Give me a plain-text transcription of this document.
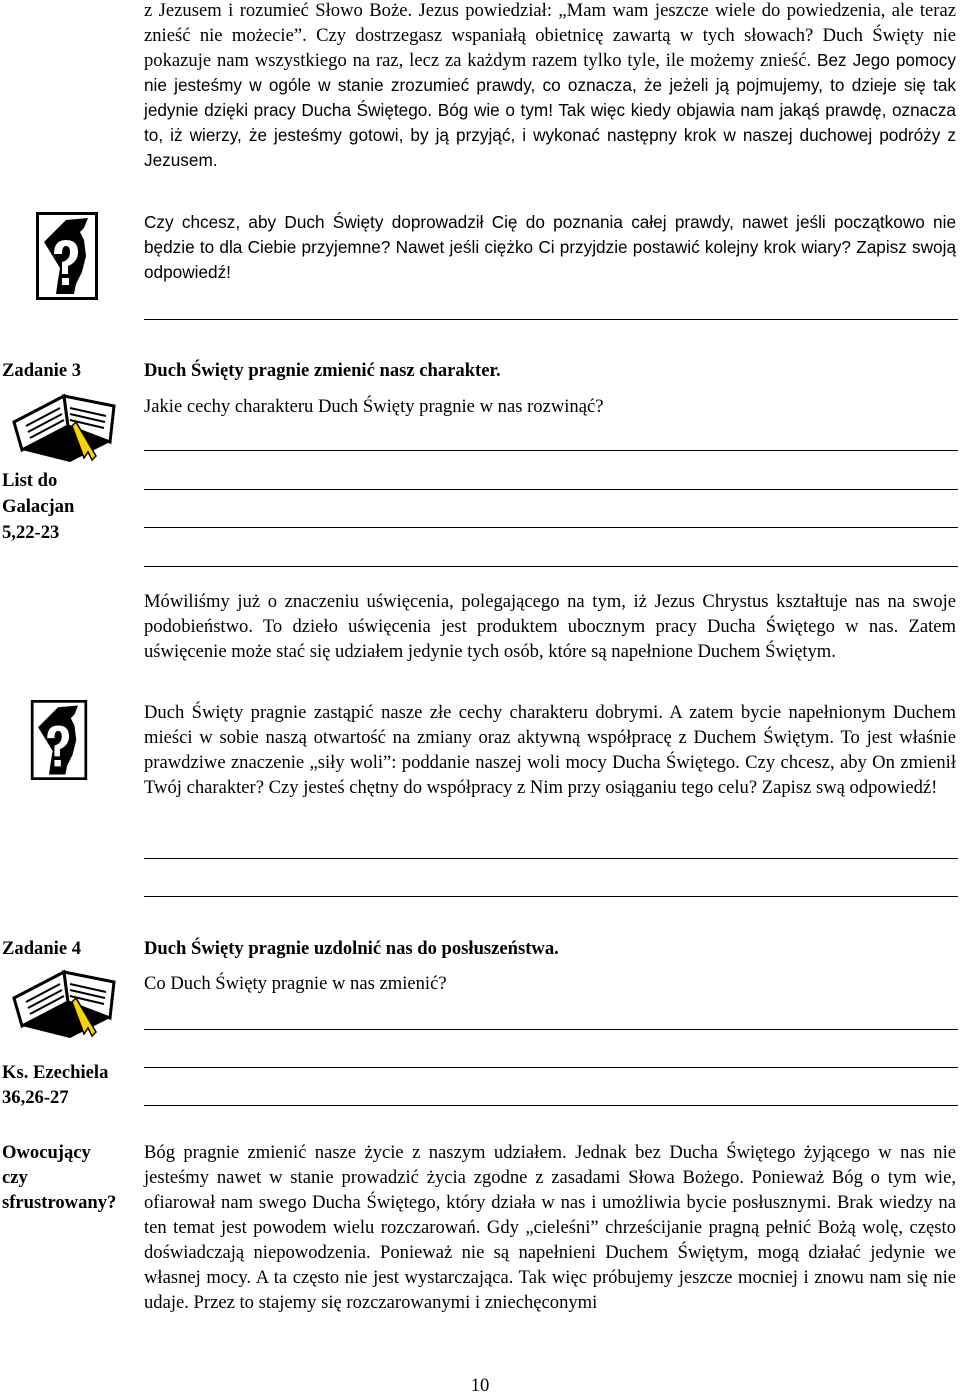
z Jezusem i rozumieć Słowo Boże. Jezus powiedział: „Mam wam jeszcze wiele do powiedzenia, ale teraz znieść nie możecie”. Czy dostrzegasz wspaniałą obietnicę zawartą w tych słowach? Duch Święty nie pokazuje nam wszystkiego na raz, lecz za każdym razem tylko tyle, ile możemy znieść. Bez Jego pomocy nie jesteśmy w ogóle w stanie zrozumieć prawdy, co oznacza, że jeżeli ją pojmujemy, to dzieje się tak jedynie dzięki pracy Ducha Świętego. Bóg wie o tym! Tak więc kiedy objawia nam jakąś prawdę, oznacza to, iż wierzy, że jesteśmy gotowi, by ją przyjąć, i wykonać następny krok w naszej duchowej podróży z Jezusem.

Czy chcesz, aby Duch Święty doprowadził Cię do poznania całej prawdy, nawet jeśli początkowo nie będzie to dla Ciebie przyjemne? Nawet jeśli ciężko Ci przyjdzie postawić kolejny krok wiary? Zapisz swoją odpowiedź!

Zadanie 3	Duch Święty pragnie zmienić nasz charakter.
Jakie cechy charakteru Duch Święty pragnie w nas rozwinąć?
List do
Galacjan
5,22-23

Mówiliśmy już o znaczeniu uświęcenia, polegającego na tym, iż Jezus Chrystus kształtuje nas na swoje podobieństwo. To dzieło uświęcenia jest produktem ubocznym pracy Ducha Świętego w nas. Zatem uświęcenie może stać się udziałem jedynie tych osób, które są napełnione Duchem Świętym.

Duch Święty pragnie zastąpić nasze złe cechy charakteru dobrymi. A zatem bycie napełnionym Duchem mieści w sobie naszą otwartość na zmiany oraz aktywną współpracę z Duchem Świętym. To jest właśnie prawdziwe znaczenie „siły woli”: poddanie naszej woli mocy Ducha Świętego. Czy chcesz, aby On zmienił Twój charakter? Czy jesteś chętny do współpracy z Nim przy osiąganiu tego celu? Zapisz swą odpowiedź!

Zadanie 4	Duch Święty pragnie uzdolnić nas do posłuszeństwa.
Co Duch Święty pragnie w nas zmienić?
Ks. Ezechiela
36,26-27
Owocujący
czy
sfrustrowany?

Bóg pragnie zmienić nasze życie z naszym udziałem. Jednak bez Ducha Świętego żyjącego w nas nie jesteśmy nawet w stanie prowadzić życia zgodne z zasadami Słowa Bożego. Ponieważ Bóg o tym wie, ofiarował nam swego Ducha Świętego, który działa w nas i umożliwia bycie posłusznymi. Brak wiedzy na ten temat jest powodem wielu rozczarowań. Gdy „cieleśni” chrześcijanie pragną pełnić Bożą wolę, często doświadczają niepowodzenia. Ponieważ nie są napełnieni Duchem Świętym, mogą działać jedynie we własnej mocy. A ta często nie jest wystarczająca. Tak więc próbujemy jeszcze mocniej i znowu nam się nie udaje. Przez to stajemy się rozczarowanymi i zniechęconymi

10
